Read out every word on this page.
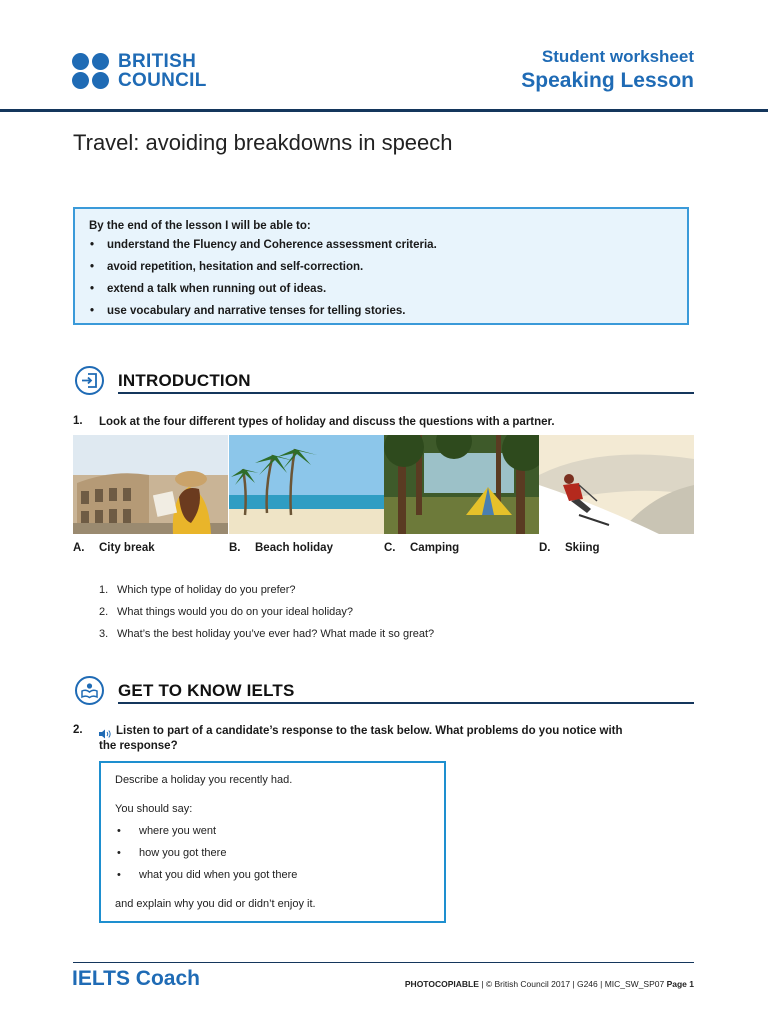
BRITISH
COUNCIL
Student worksheet
Speaking Lesson
Travel: avoiding breakdowns in speech
By the end of the lesson I will be able to:
• understand the Fluency and Coherence assessment criteria.
• avoid repetition, hesitation and self-correction.
• extend a talk when running out of ideas.
• use vocabulary and narrative tenses for telling stories.
INTRODUCTION
1. Look at the four different types of holiday and discuss the questions with a partner.
A. City break	B. Beach holiday	C. Camping	D. Skiing
1. Which type of holiday do you prefer?
2. What things would you do on your ideal holiday?
3. What’s the best holiday you’ve ever had? What made it so great?
GET TO KNOW IELTS
2.	Listen to part of a candidate’s response to the task below. What problems do you notice with
the response?
Describe a holiday you recently had.
You should say:
• where you went
• how you got there
• what you did when you got there
and explain why you did or didn’t enjoy it.
IELTS Coach	PHOTOCOPIABLE | © British Council 2017 | G246 | MIC_SW_SP07 Page 1
